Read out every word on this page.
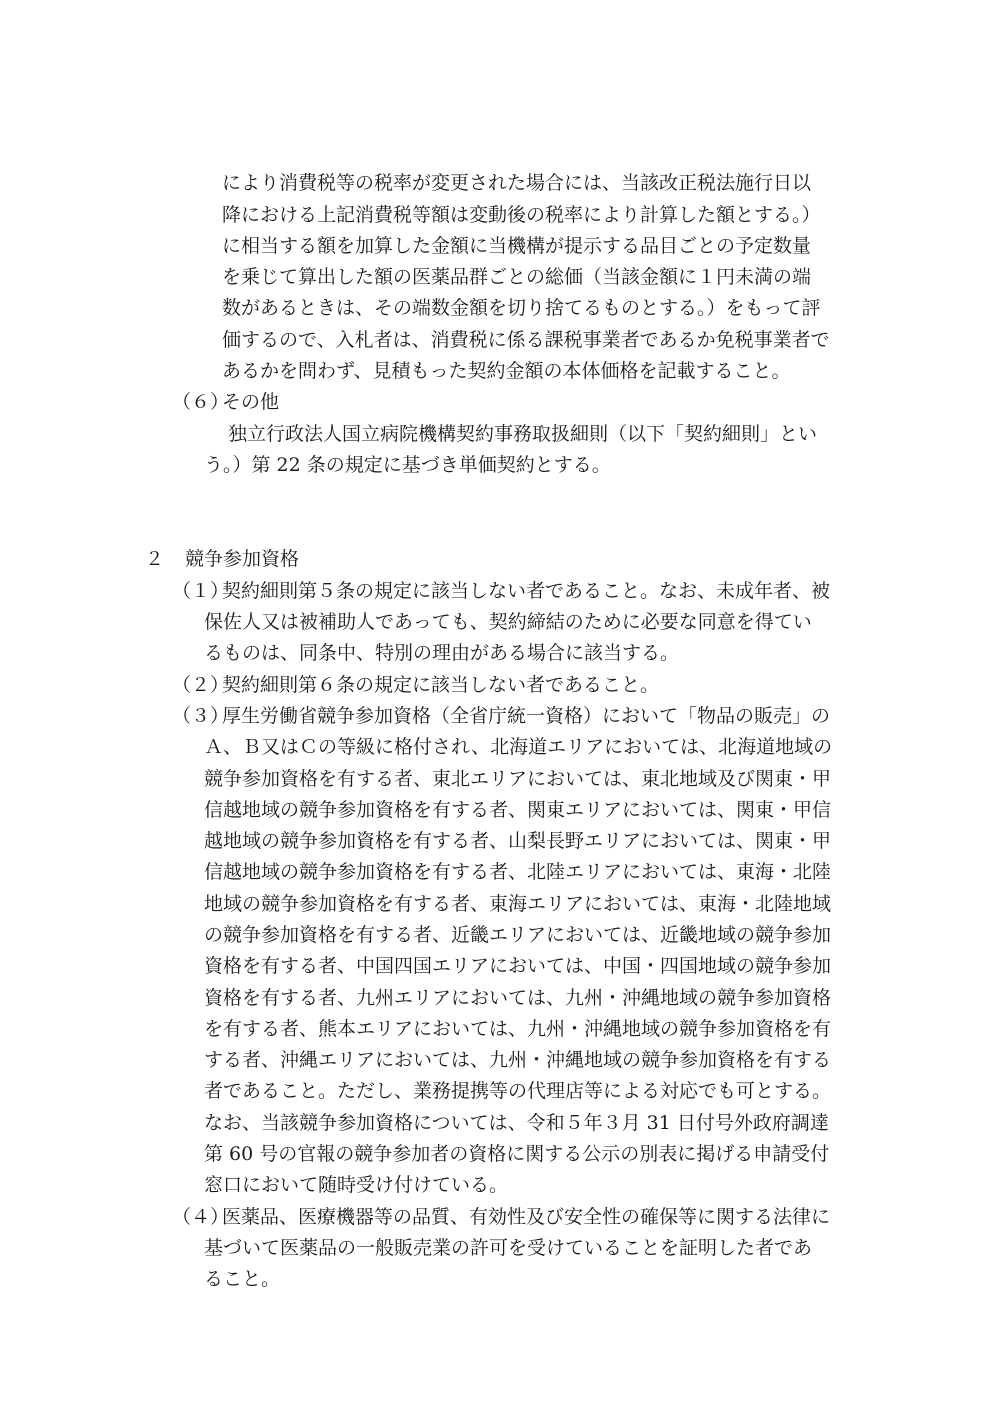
により消費税等の税率が変更された場合には、当該改正税法施行日以
降における上記消費税等額は変動後の税率により計算した額とする。）
に相当する額を加算した金額に当機構が提示する品目ごとの予定数量
を乗じて算出した額の医薬品群ごとの総価（当該金額に１円未満の端
数があるときは、その端数金額を切り捨てるものとする。）をもって評
価するので、入札者は、消費税に係る課税事業者であるか免税事業者で
あるかを問わず、見積もった契約金額の本体価格を記載すること。
（６）
その他
独立行政法人国立病院機構契約事務取扱細則（以下「契約細則」とい
う。）第 22 条の規定に基づき単価契約とする。
２ 競争参加資格
（１）
契約細則第５条の規定に該当しない者であること。なお、未成年者、被
保佐人又は被補助人であっても、契約締結のために必要な同意を得てい
るものは、同条中、特別の理由がある場合に該当する。
（２）
契約細則第６条の規定に該当しない者であること。
（３）
厚生労働省競争参加資格（全省庁統一資格）において「物品の販売」の
Ａ、Ｂ又はＣの等級に格付され、北海道エリアにおいては、北海道地域の
競争参加資格を有する者、東北エリアにおいては、東北地域及び関東・甲
信越地域の競争参加資格を有する者、関東エリアにおいては、関東・甲信
越地域の競争参加資格を有する者、山梨長野エリアにおいては、関東・甲
信越地域の競争参加資格を有する者、北陸エリアにおいては、東海・北陸
地域の競争参加資格を有する者、東海エリアにおいては、東海・北陸地域
の競争参加資格を有する者、近畿エリアにおいては、近畿地域の競争参加
資格を有する者、中国四国エリアにおいては、中国・四国地域の競争参加
資格を有する者、九州エリアにおいては、九州・沖縄地域の競争参加資格
を有する者、熊本エリアにおいては、九州・沖縄地域の競争参加資格を有
する者、沖縄エリアにおいては、九州・沖縄地域の競争参加資格を有する
者であること。ただし、業務提携等の代理店等による対応でも可とする。
なお、当該競争参加資格については、令和５年３月 31 日付号外政府調達
第 60 号の官報の競争参加者の資格に関する公示の別表に掲げる申請受付
窓口において随時受け付けている。
（４）
医薬品、医療機器等の品質、有効性及び安全性の確保等に関する法律に
基づいて医薬品の一般販売業の許可を受けていることを証明した者であ
ること。
